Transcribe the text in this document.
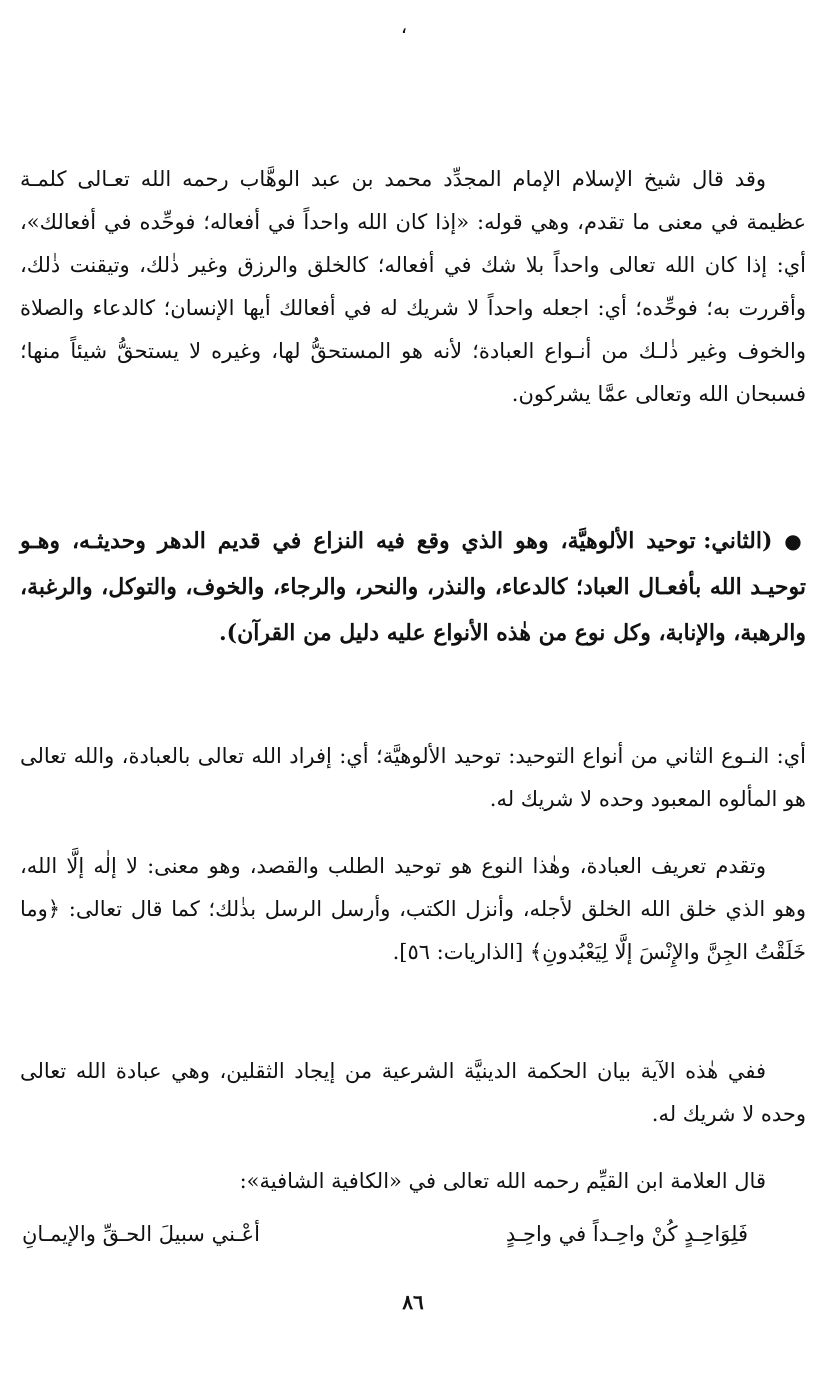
،

وقد قال شيخ الإسلام الإمام المجدِّد محمد بن عبد الوهَّاب رحمه الله تعـالى كلمـة عظيمة في معنى ما تقدم، وهي قوله: «إذا كان الله واحداً في أفعاله؛ فوحِّده في أفعالك»، أي: إذا كان الله تعالى واحداً بلا شك في أفعاله؛ كالخلق والرزق وغير ذٰلك، وتيقنت ذٰلك، وأقررت به؛ فوحِّده؛ أي: اجعله واحداً لا شريك له في أفعالك أيها الإنسان؛ كالدعاء والصلاة والخوف وغير ذٰلـك من أنـواع العبادة؛ لأنه هو المستحقُّ لها، وغيره لا يستحقُّ شيئاً منها؛ فسبحان الله وتعالى عمَّا يشركون.

● (الثاني: توحيد الألوهيَّة، وهو الذي وقع فيه النزاع في قديم الدهر وحديثـه، وهـو توحيـد الله بأفعـال العباد؛ كالدعاء، والنذر، والنحر، والرجاء، والخوف، والتوكل، والرغبة، والرهبة، والإنابة، وكل نوع من هٰذه الأنواع عليه دليل من القرآن).

أي: النـوع الثاني من أنواع التوحيد: توحيد الألوهيَّة؛ أي: إفراد الله تعالى بالعبادة، والله تعالى هو المألوه المعبود وحده لا شريك له.

وتقدم تعريف العبادة، وهٰذا النوع هو توحيد الطلب والقصد، وهو معنى: لا إلٰه إلَّا الله، وهو الذي خلق الله الخلق لأجله، وأنزل الكتب، وأرسل الرسل بذٰلك؛ كما قال تعالى: ﴿وما خَلَقْتُ الجِنَّ والإِنْسَ إلَّا لِيَعْبُدونِ﴾ [الذاريات: ٥٦].

ففي هٰذه الآية بيان الحكمة الدينيَّة الشرعية من إيجاد الثقلين، وهي عبادة الله تعالى وحده لا شريك له.

قال العلامة ابن القيِّم رحمه الله تعالى في «الكافية الشافية»:

فَلِوَاحِـدٍ كُنْ واحِـداً في واحِـدٍ
أعْـني سبيلَ الحـقِّ والإيمـانِ
٨٦
